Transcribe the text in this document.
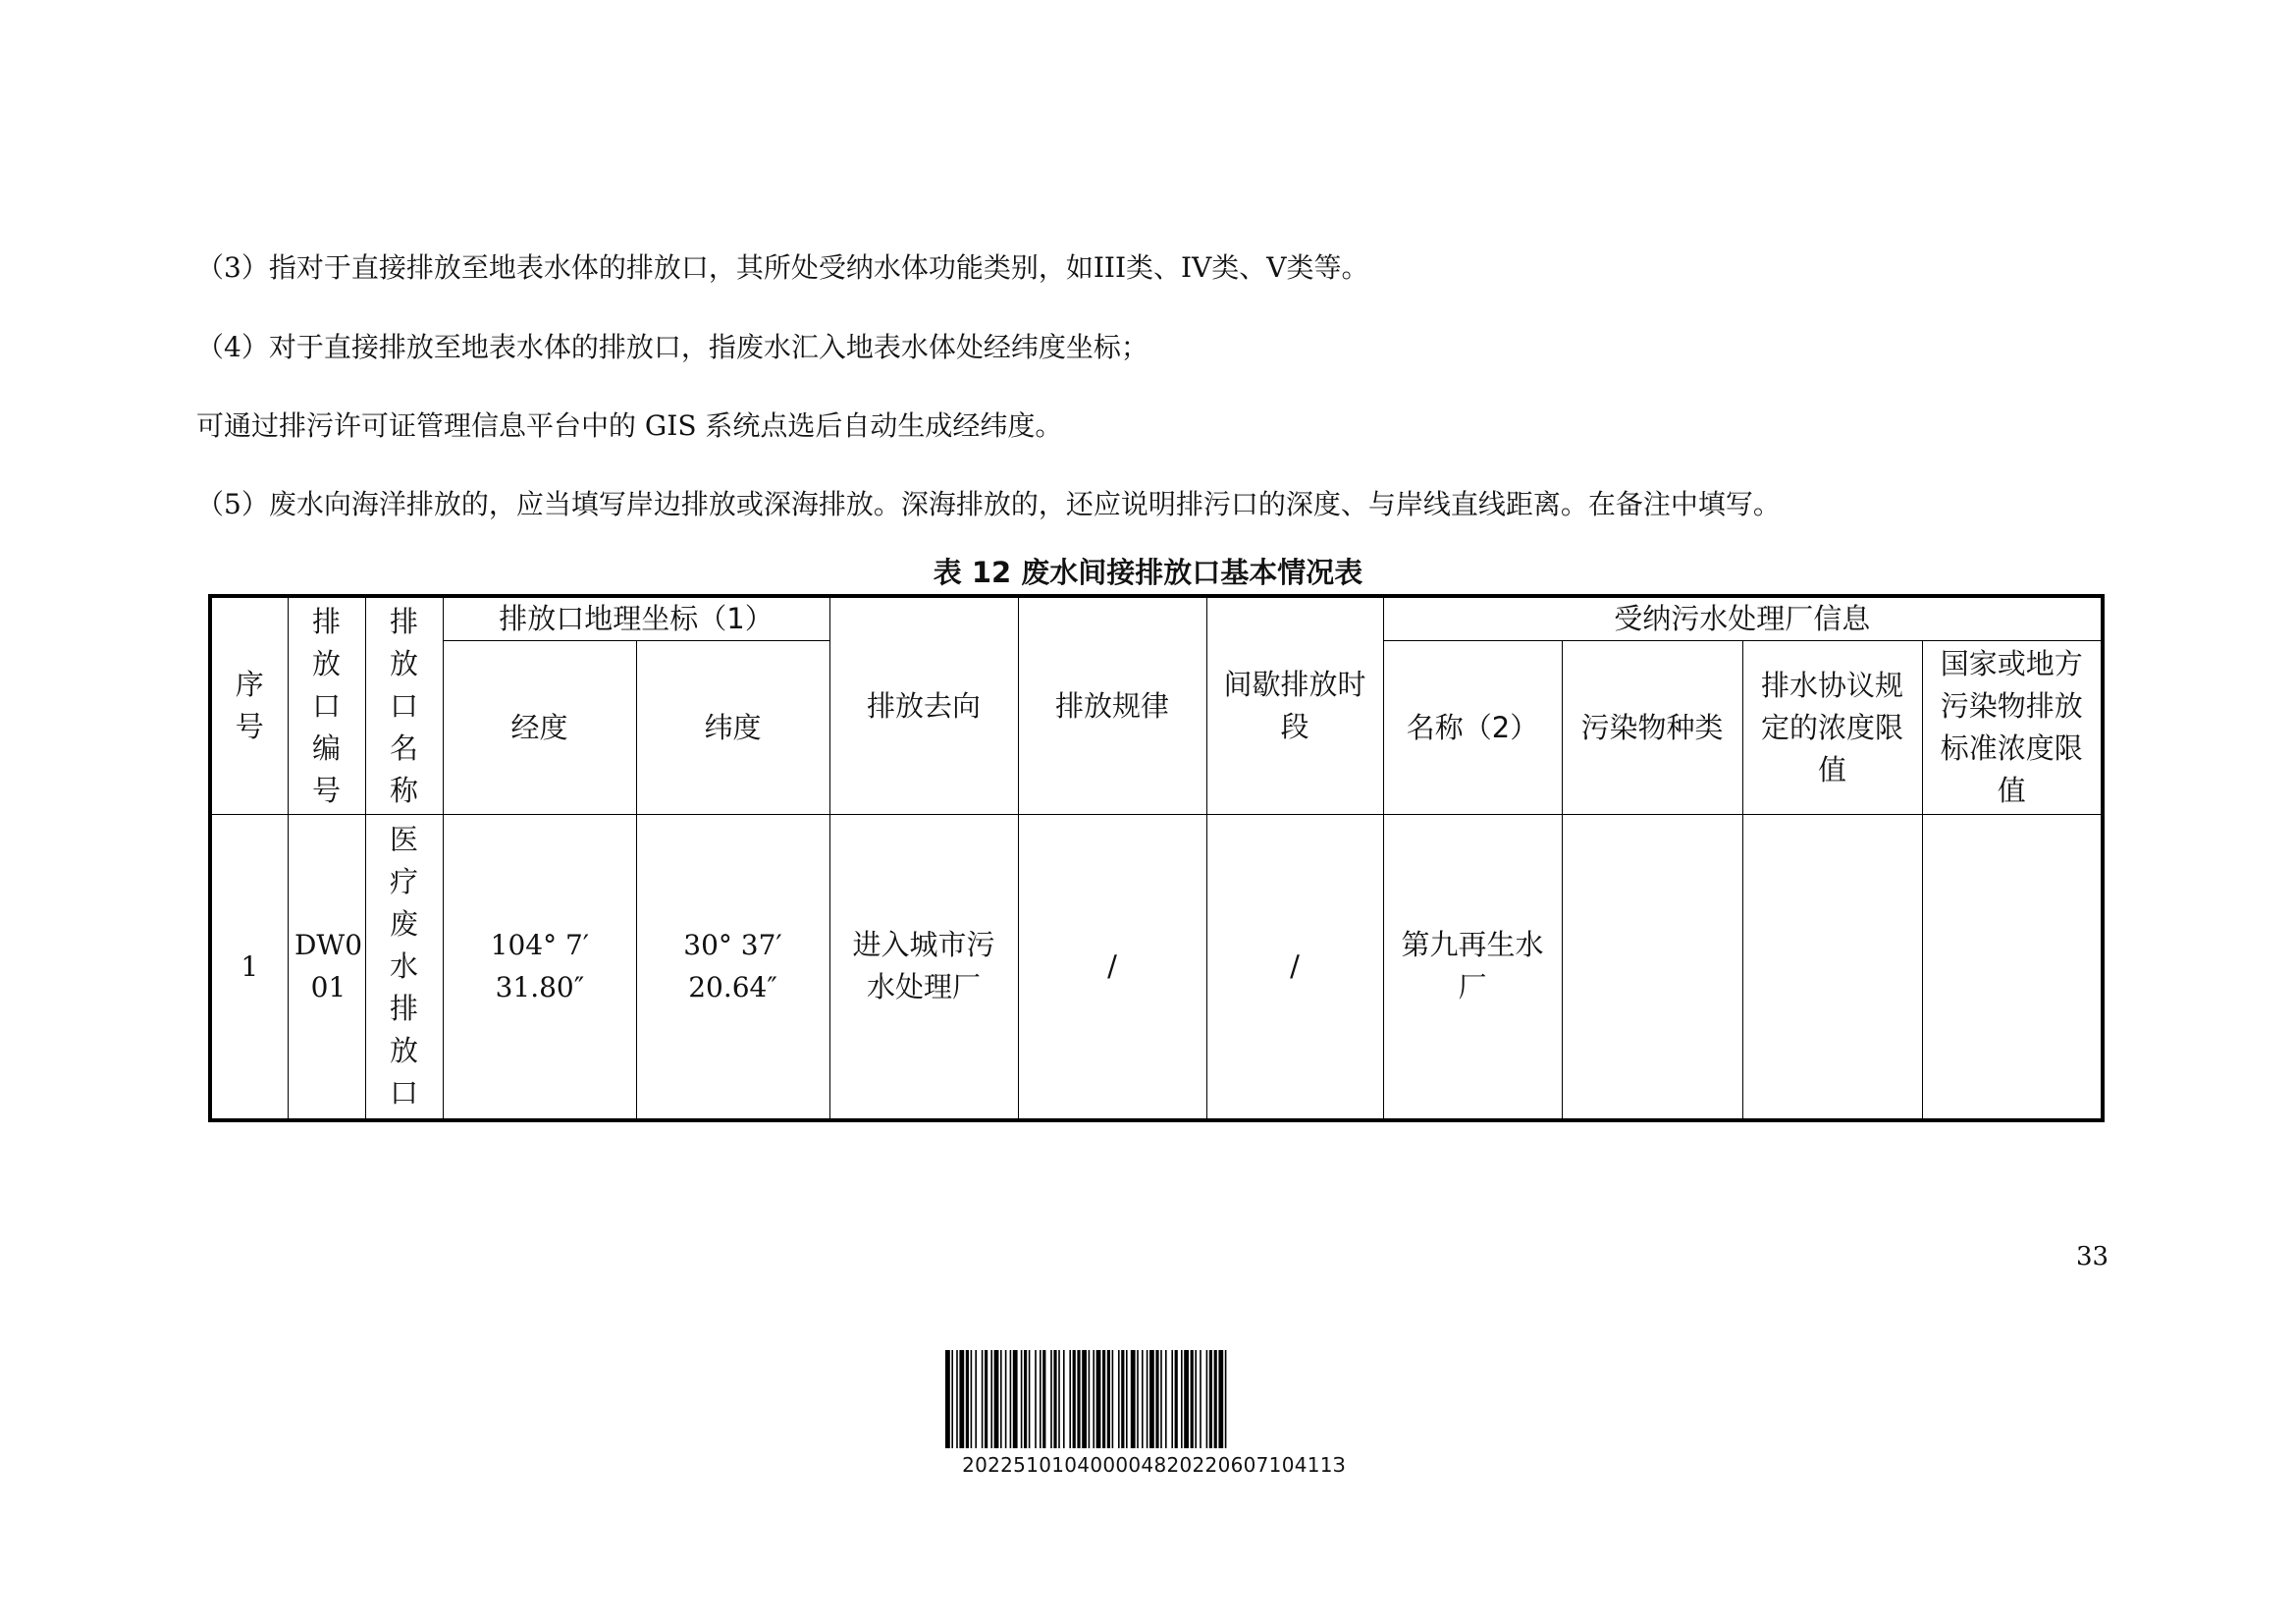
（3）指对于直接排放至地表水体的排放口，其所处受纳水体功能类别，如III类、IV类、V类等。
（4）对于直接排放至地表水体的排放口，指废水汇入地表水体处经纬度坐标；
可通过排污许可证管理信息平台中的 GIS 系统点选后自动生成经纬度。
（5）废水向海洋排放的，应当填写岸边排放或深海排放。深海排放的，还应说明排污口的深度、与岸线直线距离。在备注中填写。
表 12 废水间接排放口基本情况表
序号	排放口编号	排放口名称	排放口地理坐标（1）		排放去向	排放规律	间歇排放时段	受纳污水处理厂信息			
			经度	纬度				名称（2）	污染物种类	排水协议规定的浓度限值	国家或地方污染物排放标准浓度限值
1	DW001	医疗废水排放口	104° 7′ 31.80″	30° 37′ 20.64″	进入城市污水处理厂	/	/	第九再生水厂			

33
20225101040000482022060710411З
